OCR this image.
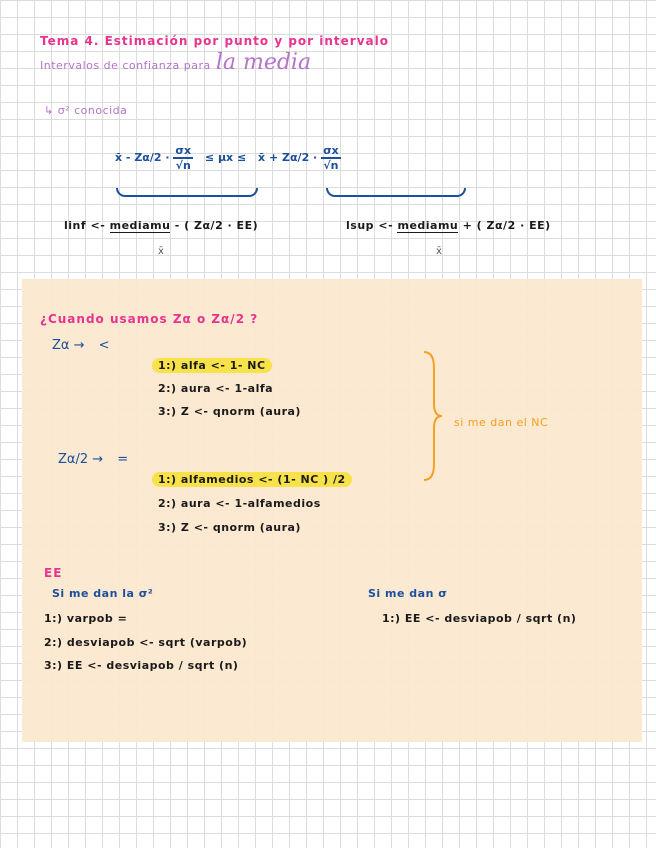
Tema 4. Estimación por punto y por intervalo
Intervalos de confianza para la media
↳ σ² conocida
x̄ - $Z\alpha/2 \cdot \frac{\sigma x}{√n} \le \mu x$ ≤ x̄ + $Z\alpha/2 \cdot \frac{\sigma x}{√n}$
linf <- mediamu - ( Zα/2 · EE)
x̄
lsup <- mediamu + ( Zα/2 · EE)
x̄
¿Cuando usamos Zα o Zα/2 ?
Zα → <
1:) alfa <- 1- NC
2:) aura <- 1-alfa
3:) Z <- qnorm (aura)
si me dan el NC
Zα/2 → =
1:) alfamedios <- (1- NC ) /2
2:) aura <- 1-alfamedios
3:) Z <- qnorm (aura)
EE
Si me dan la σ²
1:) varpob =
2:) desviapob <- sqrt (varpob)
3:) EE <- desviapob / sqrt (n)
Si me dan σ
1:) EE <- desviapob / sqrt (n)
